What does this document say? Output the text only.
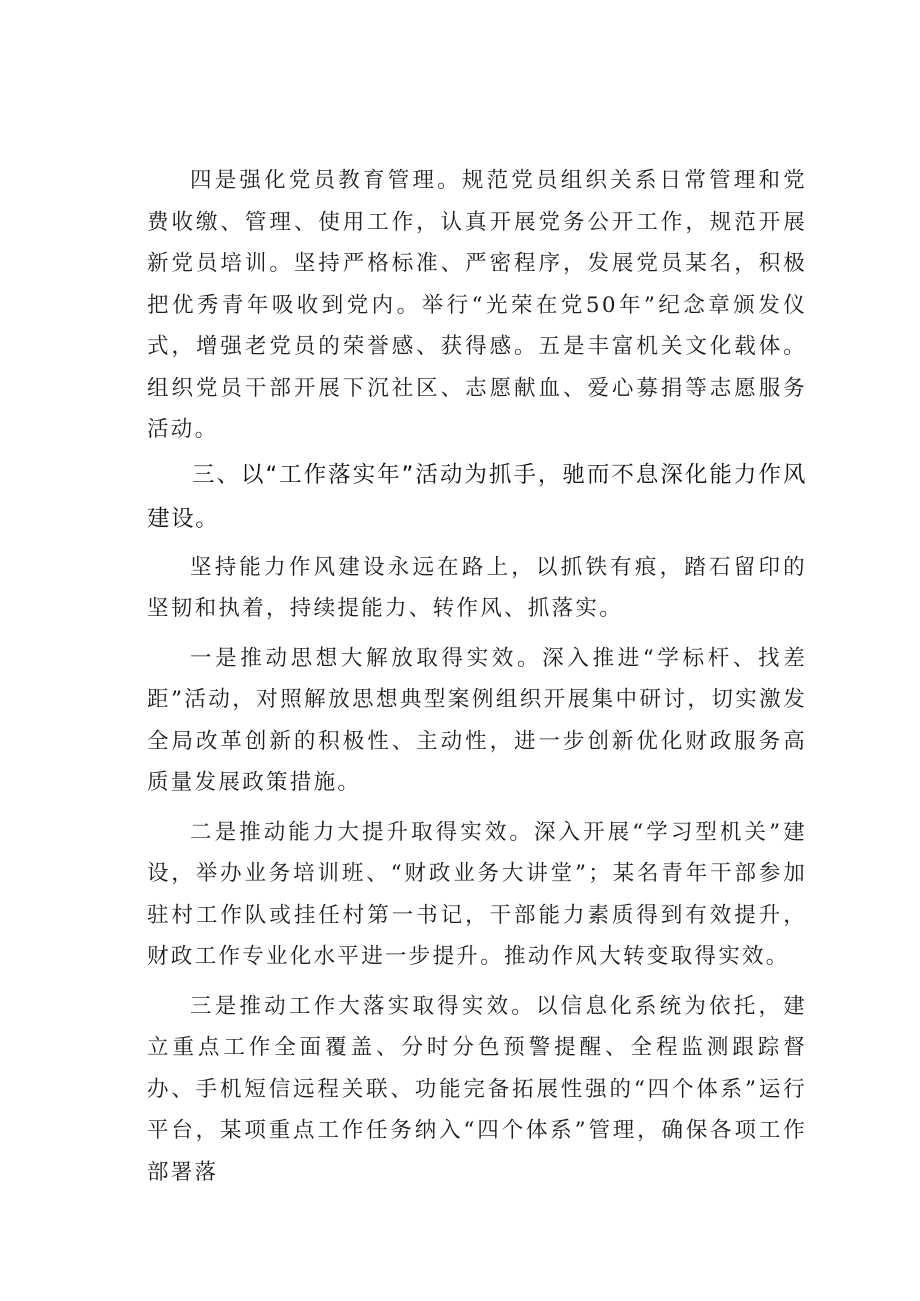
四是强化党员教育管理。规范党员组织关系日常管理和党费收缴、管理、使用工作，认真开展党务公开工作，规范开展新党员培训。坚持严格标准、严密程序，发展党员某名，积极把优秀青年吸收到党内。举行“光荣在党50年”纪念章颁发仪式，增强老党员的荣誉感、获得感。五是丰富机关文化载体。组织党员干部开展下沉社区、志愿献血、爱心募捐等志愿服务活动。

三、以“工作落实年”活动为抓手，驰而不息深化能力作风建设。

坚持能力作风建设永远在路上，以抓铁有痕，踏石留印的坚韧和执着，持续提能力、转作风、抓落实。

一是推动思想大解放取得实效。深入推进“学标杆、找差距”活动，对照解放思想典型案例组织开展集中研讨，切实激发全局改革创新的积极性、主动性，进一步创新优化财政服务高质量发展政策措施。

二是推动能力大提升取得实效。深入开展“学习型机关”建设，举办业务培训班、“财政业务大讲堂”；某名青年干部参加驻村工作队或挂任村第一书记，干部能力素质得到有效提升，财政工作专业化水平进一步提升。推动作风大转变取得实效。

三是推动工作大落实取得实效。以信息化系统为依托，建立重点工作全面覆盖、分时分色预警提醒、全程监测跟踪督办、手机短信远程关联、功能完备拓展性强的“四个体系”运行平台，某项重点工作任务纳入“四个体系”管理，确保各项工作部署落
